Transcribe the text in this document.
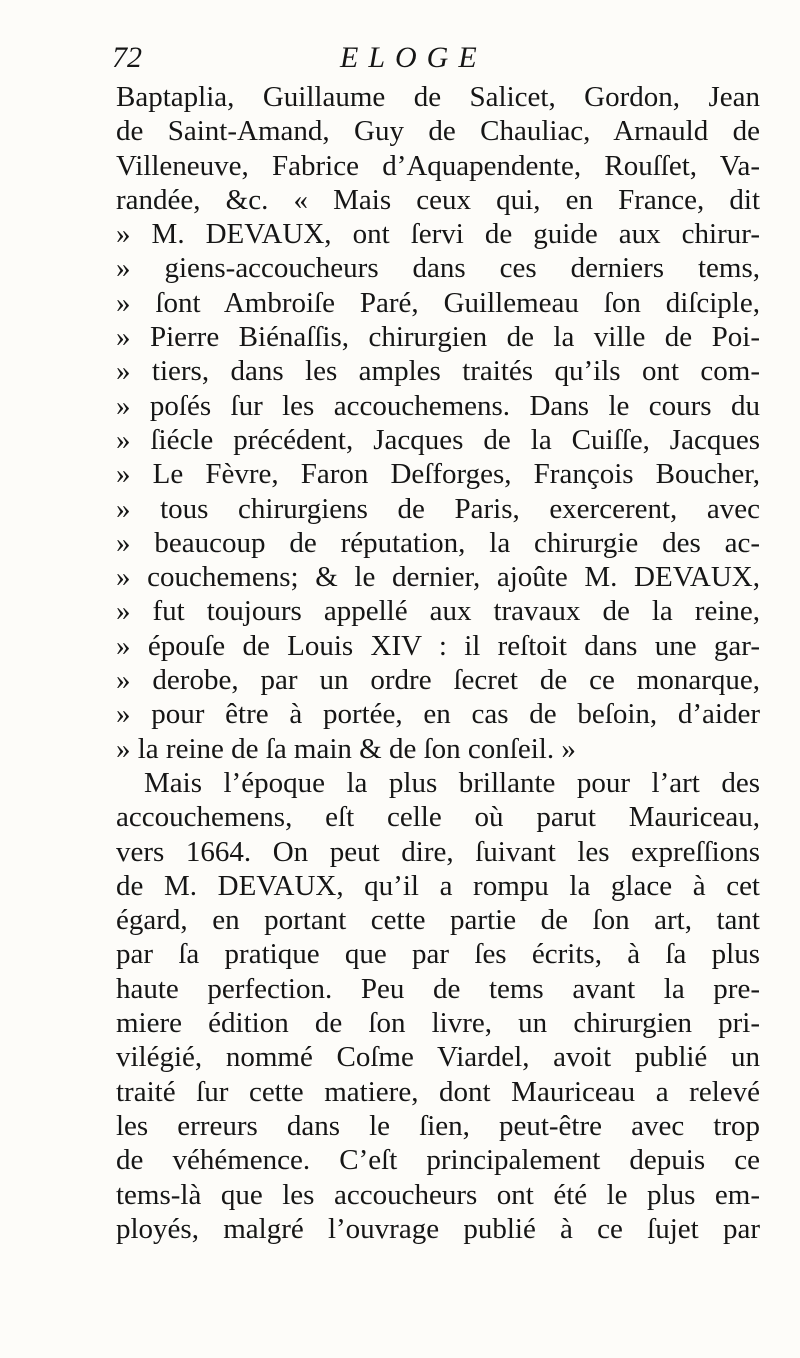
72	ELOGE
Baptaplia, Guillaume de Salicet, Gordon, Jean
de Saint-Amand, Guy de Chauliac, Arnauld de
Villeneuve, Fabrice d’Aquapendente, Rouſſet, Va-
randée, &c. « Mais ceux qui, en France, dit
» M. DEVAUX, ont ſervi de guide aux chirur-
» giens-accoucheurs dans ces derniers tems,
» ſont Ambroiſe Paré, Guillemeau ſon diſciple,
» Pierre Biénaſſis, chirurgien de la ville de Poi-
» tiers, dans les amples traités qu’ils ont com-
» poſés ſur les accouchemens. Dans le cours du
» ſiécle précédent, Jacques de la Cuiſſe, Jacques
» Le Fèvre, Faron Deſforges, François Boucher,
» tous chirurgiens de Paris, exercerent, avec
» beaucoup de réputation, la chirurgie des ac-
» couchemens; & le dernier, ajoûte M. DEVAUX,
» fut toujours appellé aux travaux de la reine,
» épouſe de Louis XIV : il reſtoit dans une gar-
» derobe, par un ordre ſecret de ce monarque,
» pour être à portée, en cas de beſoin, d’aider
» la reine de ſa main & de ſon conſeil. »
Mais l’époque la plus brillante pour l’art des
accouchemens, eſt celle où parut Mauriceau,
vers 1664. On peut dire, ſuivant les expreſſions
de M. DEVAUX, qu’il a rompu la glace à cet
égard, en portant cette partie de ſon art, tant
par ſa pratique que par ſes écrits, à ſa plus
haute perfection. Peu de tems avant la pre-
miere édition de ſon livre, un chirurgien pri-
vilégié, nommé Coſme Viardel, avoit publié un
traité ſur cette matiere, dont Mauriceau a relevé
les erreurs dans le ſien, peut-être avec trop
de véhémence. C’eſt principalement depuis ce
tems-là que les accoucheurs ont été le plus em-
ployés, malgré l’ouvrage publié à ce ſujet par
